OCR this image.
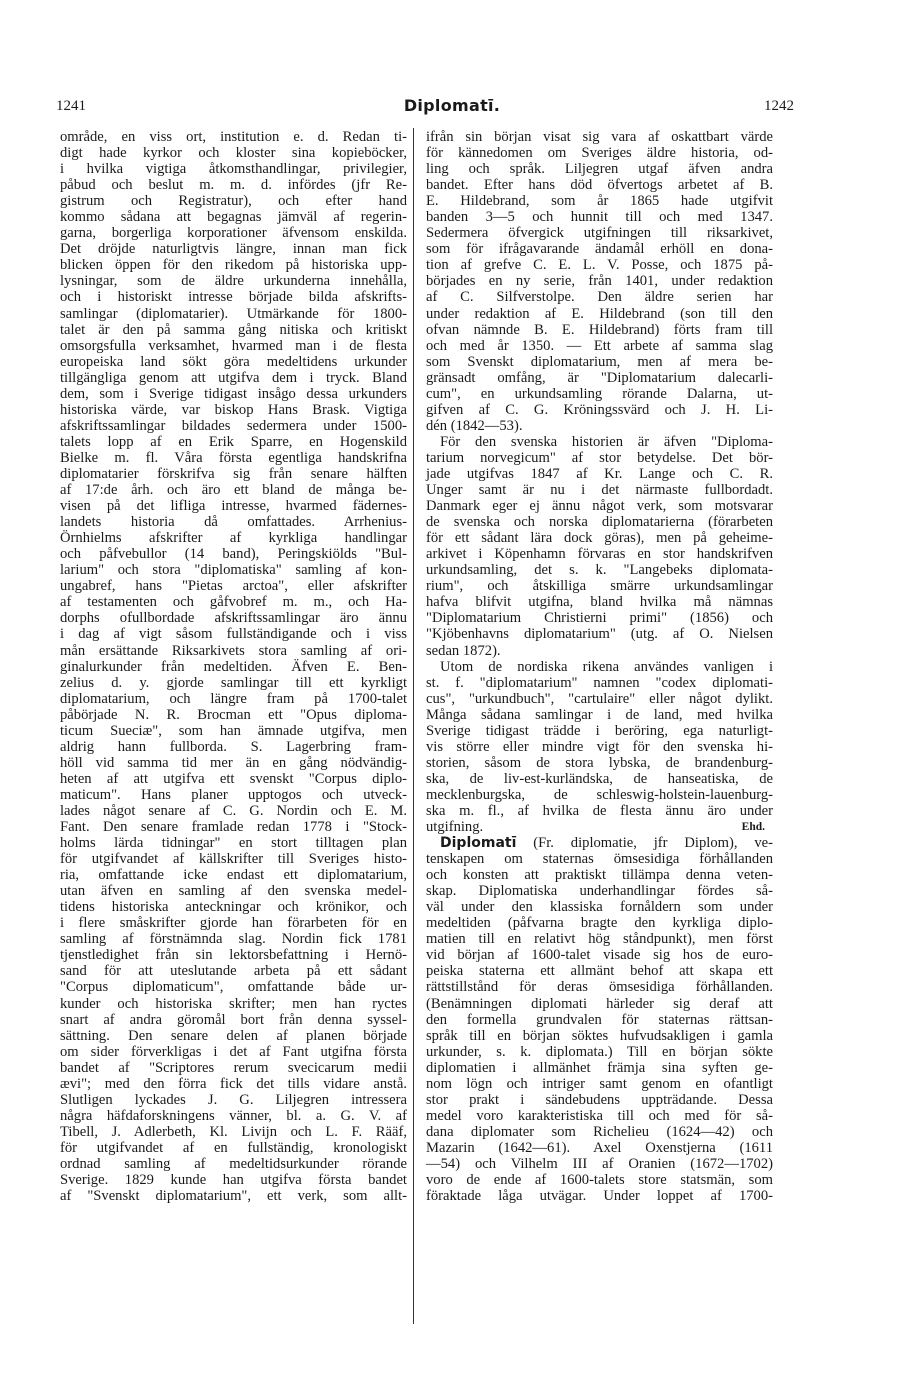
1241	Diplomatī.	1242
område, en viss ort, institution e. d. Redan ti-
digt hade kyrkor och kloster sina kopieböcker,
i hvilka vigtiga åtkomsthandlingar, privilegier,
påbud och beslut m. m. d. infördes (jfr Re-
gistrum och Registratur), och efter hand
kommo sådana att begagnas jämväl af regerin-
garna, borgerliga korporationer äfvensom enskilda.
Det dröjde naturligtvis längre, innan man fick
blicken öppen för den rikedom på historiska upp-
lysningar, som de äldre urkunderna innehålla,
och i historiskt intresse började bilda afskrifts-
samlingar (diplomatarier). Utmärkande för 1800-
talet är den på samma gång nitiska och kritiskt
omsorgsfulla verksamhet, hvarmed man i de flesta
europeiska land sökt göra medeltidens urkunder
tillgängliga genom att utgifva dem i tryck. Bland
dem, som i Sverige tidigast insågo dessa urkunders
historiska värde, var biskop Hans Brask. Vigtiga
afskriftssamlingar bildades sedermera under 1500-
talets lopp af en Erik Sparre, en Hogenskild
Bielke m. fl. Våra första egentliga handskrifna
diplomatarier förskrifva sig från senare hälften
af 17:de årh. och äro ett bland de många be-
visen på det lifliga intresse, hvarmed fädernes-
landets historia då omfattades. Arrhenius-
Örnhielms afskrifter af kyrkliga handlingar
och påfvebullor (14 band), Peringskiölds "Bul-
larium" och stora "diplomatiska" samling af kon-
ungabref, hans "Pietas arctoa", eller afskrifter
af testamenten och gåfvobref m. m., och Ha-
dorphs ofullbordade afskriftssamlingar äro ännu
i dag af vigt såsom fullständigande och i viss
mån ersättande Riksarkivets stora samling af ori-
ginalurkunder från medeltiden. Äfven E. Ben-
zelius d. y. gjorde samlingar till ett kyrkligt
diplomatarium, och längre fram på 1700-talet
påbörjade N. R. Brocman ett "Opus diploma-
ticum Sueciæ", som han ämnade utgifva, men
aldrig hann fullborda. S. Lagerbring fram-
höll vid samma tid mer än en gång nödvändig-
heten af att utgifva ett svenskt "Corpus diplo-
maticum". Hans planer upptogos och utveck-
lades något senare af C. G. Nordin och E. M.
Fant. Den senare framlade redan 1778 i "Stock-
holms lärda tidningar" en stort tilltagen plan
för utgifvandet af källskrifter till Sveriges histo-
ria, omfattande icke endast ett diplomatarium,
utan äfven en samling af den svenska medel-
tidens historiska anteckningar och krönikor, och
i flere småskrifter gjorde han förarbeten för en
samling af förstnämnda slag. Nordin fick 1781
tjenstledighet från sin lektorsbefattning i Hernö-
sand för att uteslutande arbeta på ett sådant
"Corpus diplomaticum", omfattande både ur-
kunder och historiska skrifter; men han ryctes
snart af andra göromål bort från denna syssel-
sättning. Den senare delen af planen började
om sider förverkligas i det af Fant utgifna första
bandet af "Scriptores rerum svecicarum medii
ævi"; med den förra fick det tills vidare anstå.
Slutligen lyckades J. G. Liljegren intressera
några häfdaforskningens vänner, bl. a. G. V. af
Tibell, J. Adlerbeth, Kl. Livijn och L. F. Rääf,
för utgifvandet af en fullständig, kronologiskt
ordnad samling af medeltidsurkunder rörande
Sverige. 1829 kunde han utgifva första bandet
af "Svenskt diplomatarium", ett verk, som allt-
ifrån sin början visat sig vara af oskattbart värde
för kännedomen om Sveriges äldre historia, od-
ling och språk. Liljegren utgaf äfven andra
bandet. Efter hans död öfvertogs arbetet af B.
E. Hildebrand, som år 1865 hade utgifvit
banden 3—5 och hunnit till och med 1347.
Sedermera öfvergick utgifningen till riksarkivet,
som för ifrågavarande ändamål erhöll en dona-
tion af grefve C. E. L. V. Posse, och 1875 på-
börjades en ny serie, från 1401, under redaktion
af C. Silfverstolpe. Den äldre serien har
under redaktion af E. Hildebrand (son till den
ofvan nämnde B. E. Hildebrand) förts fram till
och med år 1350. — Ett arbete af samma slag
som Svenskt diplomatarium, men af mera be-
gränsadt omfång, är "Diplomatarium dalecarli-
cum", en urkundsamling rörande Dalarna, ut-
gifven af C. G. Kröningssvärd och J. H. Li-
dén (1842—53).
För den svenska historien är äfven "Diploma-
tarium norvegicum" af stor betydelse. Det bör-
jade utgifvas 1847 af Kr. Lange och C. R.
Unger samt är nu i det närmaste fullbordadt.
Danmark eger ej ännu något verk, som motsvarar
de svenska och norska diplomatarierna (förarbeten
för ett sådant lära dock göras), men på geheime-
arkivet i Köpenhamn förvaras en stor handskrifven
urkundsamling, det s. k. "Langebeks diplomata-
rium", och åtskilliga smärre urkundsamlingar
hafva blifvit utgifna, bland hvilka må nämnas
"Diplomatarium Christierni primi" (1856) och
"Kjöbenhavns diplomatarium" (utg. af O. Nielsen
sedan 1872).
Utom de nordiska rikena användes vanligen i
st. f. "diplomatarium" namnen "codex diplomati-
cus", "urkundbuch", "cartulaire" eller något dylikt.
Många sådana samlingar i de land, med hvilka
Sverige tidigast trädde i beröring, ega naturligt-
vis större eller mindre vigt för den svenska hi-
storien, såsom de stora lybska, de brandenburg-
ska, de liv-est-kurländska, de hanseatiska, de
mecklenburgska, de schleswig-holstein-lauenburg-
ska m. fl., af hvilka de flesta ännu äro under
utgifning.	Ehd.
Diplomatī (Fr. diplomatie, jfr Diplom), ve-
tenskapen om staternas ömsesidiga förhållanden
och konsten att praktiskt tillämpa denna veten-
skap. Diplomatiska underhandlingar fördes så-
väl under den klassiska fornåldern som under
medeltiden (påfvarna bragte den kyrkliga diplo-
matien till en relativt hög ståndpunkt), men först
vid början af 1600-talet visade sig hos de euro-
peiska staterna ett allmänt behof att skapa ett
rättstillstånd för deras ömsesidiga förhållanden.
(Benämningen diplomati härleder sig deraf att
den formella grundvalen för staternas rättsan-
språk till en början söktes hufvudsakligen i gamla
urkunder, s. k. diplomata.) Till en början sökte
diplomatien i allmänhet främja sina syften ge-
nom lögn och intriger samt genom en ofantligt
stor prakt i sändebudens uppträdande. Dessa
medel voro karakteristiska till och med för så-
dana diplomater som Richelieu (1624—42) och
Mazarin (1642—61). Axel Oxenstjerna (1611
—54) och Vilhelm III af Oranien (1672—1702)
voro de ende af 1600-talets store statsmän, som
föraktade låga utvägar. Under loppet af 1700-
